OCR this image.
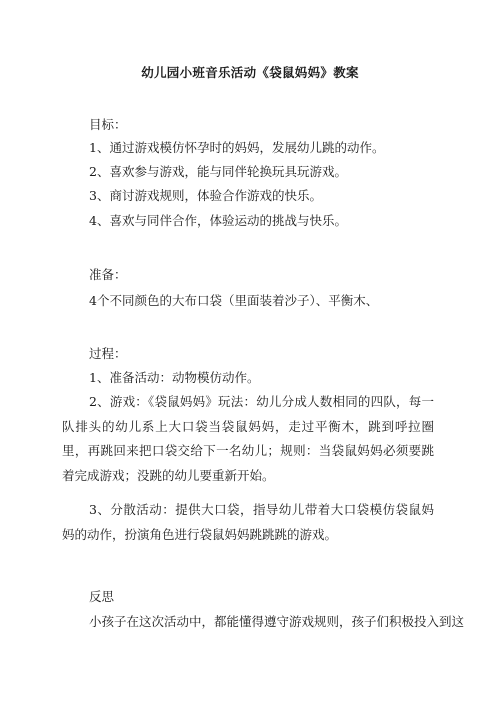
幼儿园小班音乐活动《袋鼠妈妈》教案
目标：
1、通过游戏模仿怀孕时的妈妈，发展幼儿跳的动作。
2、喜欢参与游戏，能与同伴轮换玩具玩游戏。
3、商讨游戏规则，体验合作游戏的快乐。
4、喜欢与同伴合作，体验运动的挑战与快乐。
准备：
4个不同颜色的大布口袋（里面装着沙子）、平衡木、
过程：
1、准备活动：动物模仿动作。
2、游戏：《袋鼠妈妈》玩法：幼儿分成人数相同的四队，每一队排头的幼儿系上大口袋当袋鼠妈妈，走过平衡木，跳到呼拉圈里，再跳回来把口袋交给下一名幼儿；规则：当袋鼠妈妈必须要跳着完成游戏；没跳的幼儿要重新开始。
3、分散活动：提供大口袋，指导幼儿带着大口袋模仿袋鼠妈妈的动作，扮演角色进行袋鼠妈妈跳跳跳的游戏。
反思
小孩子在这次活动中，都能懂得遵守游戏规则，孩子们积极投入到这
